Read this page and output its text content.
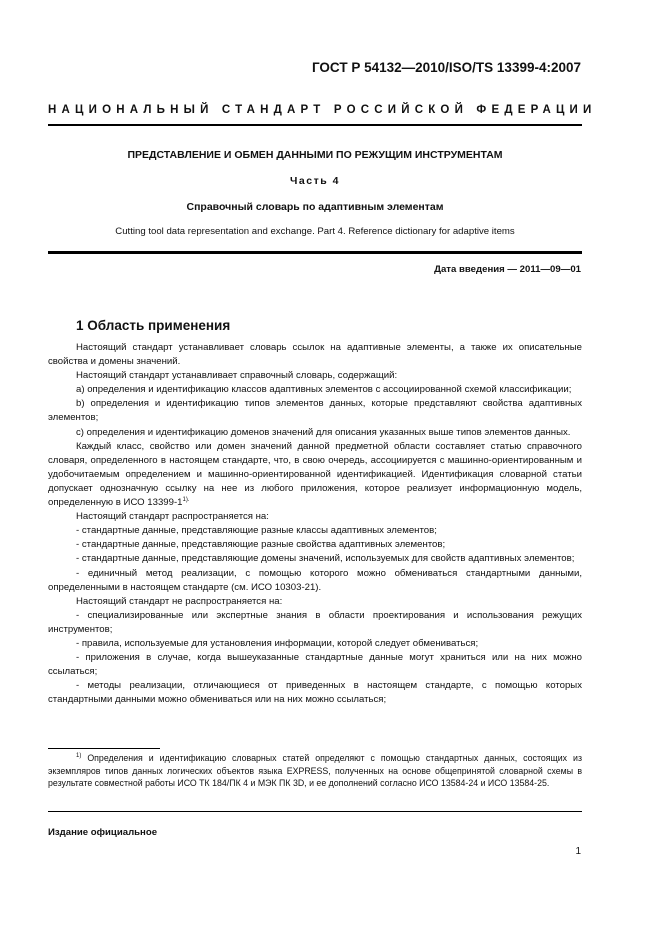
ГОСТ Р 54132—2010/ISO/TS 13399-4:2007
НАЦИОНАЛЬНЫЙ СТАНДАРТ РОССИЙСКОЙ ФЕДЕРАЦИИ
ПРЕДСТАВЛЕНИЕ И ОБМЕН ДАННЫМИ ПО РЕЖУЩИМ ИНСТРУМЕНТАМ
Часть 4
Справочный словарь по адаптивным элементам
Cutting tool data representation and exchange. Part 4. Reference dictionary for adaptive items
Дата введения — 2011—09—01
1 Область применения

Настоящий стандарт устанавливает словарь ссылок на адаптивные элементы, а также их описательные свойства и домены значений.

Настоящий стандарт устанавливает справочный словарь, содержащий:

a) определения и идентификацию классов адаптивных элементов с ассоциированной схемой классификации;

b) определения и идентификацию типов элементов данных, которые представляют свойства адаптивных элементов;

c) определения и идентификацию доменов значений для описания указанных выше типов элементов данных.

Каждый класс, свойство или домен значений данной предметной области составляет статью справочного словаря, определенного в настоящем стандарте, что, в свою очередь, ассоциируется с машинно-ориентированным и удобочитаемым определением и машинно-ориентированной идентификацией. Идентификация словарной статьи допускает однозначную ссылку на нее из любого приложения, которое реализует информационную модель, определенную в ИСО $13399-1^{1).}$

Настоящий стандарт распространяется на:

- стандартные данные, представляющие разные классы адаптивных элементов;

- стандартные данные, представляющие разные свойства адаптивных элементов;

- стандартные данные, представляющие домены значений, используемых для свойств адаптивных элементов;

- единичный метод реализации, с помощью которого можно обмениваться стандартными данными, определенными в настоящем стандарте (см. ИСО 10303-21).

Настоящий стандарт не распространяется на:

- специализированные или экспертные знания в области проектирования и использования режущих инструментов;

- правила, используемые для установления информации, которой следует обмениваться;

- приложения в случае, когда вышеуказанные стандартные данные могут храниться или на них можно ссылаться;

- методы реализации, отличающиеся от приведенных в настоящем стандарте, с помощью которых стандартными данными можно обмениваться или на них можно ссылаться;

$^{1)}$ Определения и идентификацию словарных статей определяют с помощью стандартных данных, состоящих из экземпляров типов данных логических объектов языка EXPRESS, полученных на основе общепринятой словарной схемы в результате совместной работы ИСО ТК 184/ПК 4 и МЭК ПК 3D, и ее дополнений согласно ИСО 13584-24 и ИСО 13584-25.

Издание официальное
1
